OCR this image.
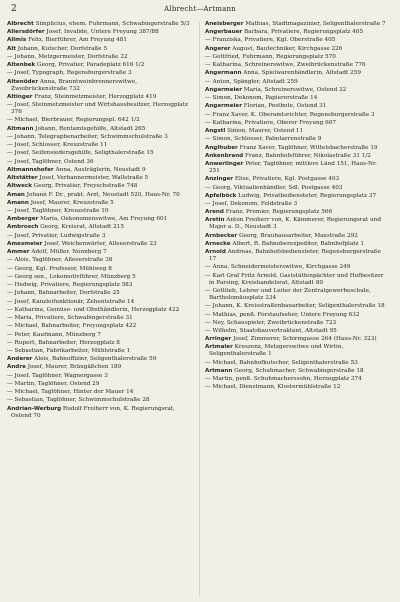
2	Albrecht—Artmann
Albrecht Simplicius, ehem. Fuhrmann, Schwabingerstraße 5/3
Allersdörfer Josef, Invalide, Untere Freyung 387/88
Allmis Felix, Bierführer, Am Freyung 481
Alt Johann, Kutscher, Dorfstraße 5
— Johann, Metzgermeister, Dorfstraße 22
Altenbek Georg, Privatier, Paradeplatz 616 1/2
— Josef, Typograph, Regensburgerstraße 3
Altenöder Anna, Branntweinbrennerswitwe, Zweibrückenstraße 732
Altinger Franz, Steinmetzmeister, Herzogplatz 419
— Josef, Steinmetzmeister und Wirtshausbesitzer, Herzogplatz 376
— Michael, Bierbrauer, Regierungspl. 642 1/2
Altmann Johann, Rentamtsgehilfe, Altstadt 265
— Johann, Telegraphenarbeiter, Schwimmschulstraße 3
— Josef, Schlosser, Kreuzstraße 11
— Josef, Seifensiedersgehilfe, Seligthalerstraße 15
— Josef, Taglöhner, Ostend 36
Altmannshofer Anna, Austräglerin, Neustadt 9
Altstätter Josef, Verbannermeister, Wallstraße 5
Altweck Georg, Privatier, Freyschstraße 748
Aman Johann F. Dr., prakt. Arzt, Neustadt 520, Haus-Nr. 70
Amann Josef, Maurer, Kreuzstraße 5
— Josef, Taglöhner, Kreuzstraße 10
Amberger Maria, Oekonomenswitwe, Am Freyung 601
Ambrosch Georg, Kreisrat, Altstadt 215
— Josef, Privatier, Ludwigstraße 3
Amesmeier Josef, Weichenwärter, Alleeerstraße 23
Ammer Adolf, Müller, Nonnberg 7
— Alois, Taglöhner, Alleeerstraße 38
— Georg, Kgl. Professor, Mühlweg 8
— Georg sen., Lokomotivführer, Münzberg 5
— Hedwig, Privatiere, Regierungsplatz 583
— Johann, Bahnarbeiter, Dorfstraße 25
— Josef, Kanzleifunktionär, Zehentstraße 14
— Katharina, Gemüse- und Obsthändlerin, Herzogplatz 422
— Maria, Privatiere, Schwabingerstraße 31
— Michael, Bahnarbeiter, Freyungsplatz 422
— Peter, Kaufmann, Münzberg 7
— Rupert, Bahnarbeiter, Herzogplatz 8
— Sebastian, Fabrikarbeiter, Mühlstraße 1
Anderer Alois, Bahnoffizier, Seligenthalerstraße 59
Andre Josef, Maurer, Bräugäßchen 189
— Josef, Taglöhner, Wagnergasse 3
— Martin, Taglöhner, Ostend 29
— Michael, Taglöhner, Hinter der Mauer 14
— Sebastian, Taglöhner, Schwimmschulstraße 28
Andrian-Werburg Rudolf Freiherr von, K. Regierungsrat, Ostend 70
Aneisberger Mathias, Stadtmagazinier, Seligenthalerstraße 7
Angerbauer Barbara, Privatiere, Regierungsplatz 405
— Franziska, Privatiere, Kgl. Oberstraße 405
Angerer August, Bautechniker, Kirchgasse 226
— Gottfried, Fuhrmann, Regierungsplatz 570
— Katharina, Schreinerswitwe, Zweibrückenstraße 776
Angermann Anna, Spielwarenhändlerin, Altstadt 259
— Anton, Spängler, Altstadt 259
Angermeier Maria, Schreinerswitwe, Ostend 32
— Simon, Dekonom, Papiererstraße 14
Angermeier Florian, Postbote, Ostend 31
— Franz Xaver, K. Oberamtsrichter, Regensburgerstraße 3
— Katharina, Privatiere, Oberer Freyung 607
Angstl Simon, Maurer, Ostend 11
— Simon, Schlosser, Palmtarrenstraße 9
Anglhuber Franz Xaver, Taglöhner, Wittelsbacherstraße 19
Ankenbrand Franz, Bahnhofsführer, Nikolastraße 31 1/2
Anwerlinger Peter, Taglöhner, mittlere Länd 151, Haus-Nr. 251
Anzinger Elise, Privatiere, Kgl. Postgasse 403
— Georg, Viktualienhändler, Sdl. Postgasse 403
Apfelböck Ludwig, Privatbediensteter, Regierungsplatz 37
— Josef, Dekonom, Feldstraße 3
Arend Franz, Premier, Regierungsplatz 566
Aretin Anton Freiherr von, K. Kämmerer, Regierungsrat und Major a. D., Neustadt 3
Arnbecker Georg, Brauhausarbeiter, Maxstraße 292
Arnecke Albert, R. Bahnoberexpeditor, Bahnhofplatz 1
Arnold Andreas, Bahnhofsbediensteter, Regensburgerstraße 17
— Anna, Schneidermeisterswitwe, Kirchgasse 249
— Karl Graf Fritz Arnold, Gaststättenpächter und Hofbesitzer in Parsing, Kreishandelsrat, Altstadt 80
— Gottlieb, Lehrer und Leiter der Zentralgewerbeschule, Bartholomäusplatz 234
— Johann, K. Kreisstraßenbauarbeiter, Seligenthalerstraße 18
— Mathias, penß. Forstaufseher, Untere Freyung 632
— Ney, Schauspieler, Zweibrückenstraße 723
— Wilhelm, Staatsbauvertraktant, Altstadt 95
Arringer Josef, Zimmerer, Schirmgasse 264 (Haus-Nr. 323)
Artmaier Kreszenz, Metzgerswitwe und Wirtin, Seligenthalerstraße 1
— Michael, Bahnhofkutscher, Seligenthalerstraße 53
Artmann Georg, Schuhmacher, Schwabingerstraße 18
— Martin, penß. Schuhmacherssohn, Herzogplatz 374
— Michael, Dienstmann, Klostermühlstraße 12
